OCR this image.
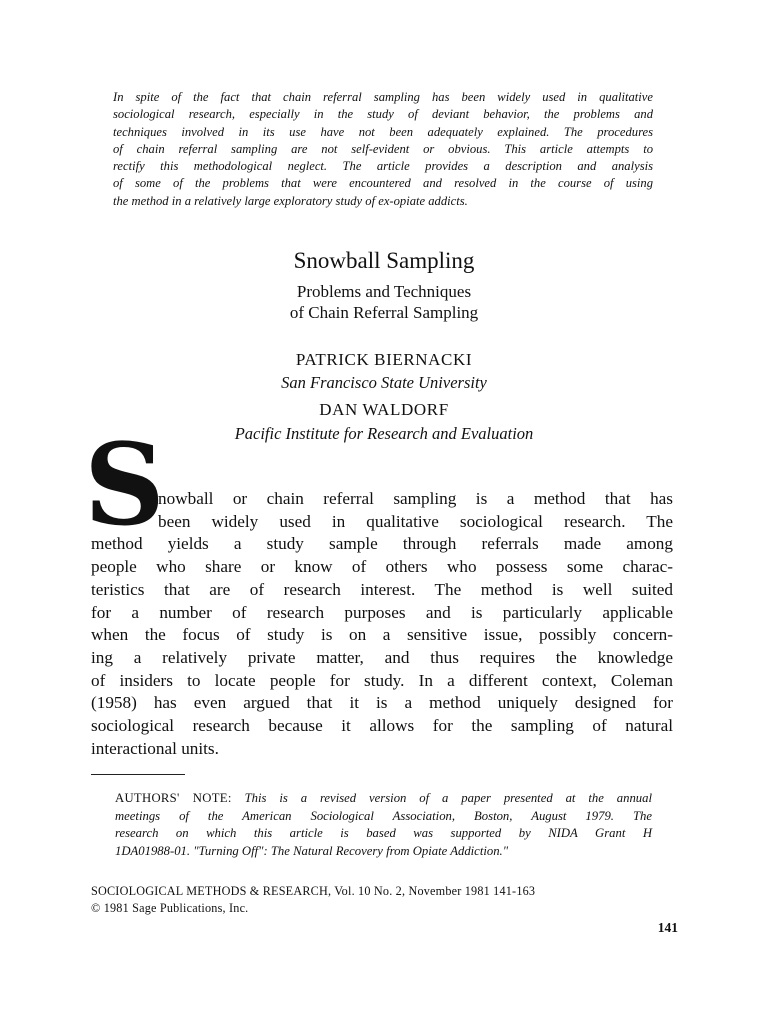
In spite of the fact that chain referral sampling has been widely used in qualitative
sociological research, especially in the study of deviant behavior, the problems and
techniques involved in its use have not been adequately explained. The procedures
of chain referral sampling are not self-evident or obvious. This article attempts to
rectify this methodological neglect. The article provides a description and analysis
of some of the problems that were encountered and resolved in the course of using
the method in a relatively large exploratory study of ex-opiate addicts.

Snowball Sampling
Problems and Techniques
of Chain Referral Sampling
PATRICK BIERNACKI
San Francisco State University
DAN WALDORF
Pacific Institute for Research and Evaluation
S
nowball or chain referral sampling is a method that has
been widely used in qualitative sociological research. The
method yields a study sample through referrals made among
people who share or know of others who possess some charac-
teristics that are of research interest. The method is well suited
for a number of research purposes and is particularly applicable
when the focus of study is on a sensitive issue, possibly concern-
ing a relatively private matter, and thus requires the knowledge
of insiders to locate people for study. In a different context, Coleman
(1958) has even argued that it is a method uniquely designed for
sociological research because it allows for the sampling of natural
interactional units.
AUTHORS' NOTE: This is a revised version of a paper presented at the annual
meetings of the American Sociological Association, Boston, August 1979. The
research on which this article is based was supported by NIDA Grant H
1DA01988-01. "Turning Off": The Natural Recovery from Opiate Addiction."
SOCIOLOGICAL METHODS & RESEARCH, Vol. 10 No. 2, November 1981 141-163
© 1981 Sage Publications, Inc.
141
